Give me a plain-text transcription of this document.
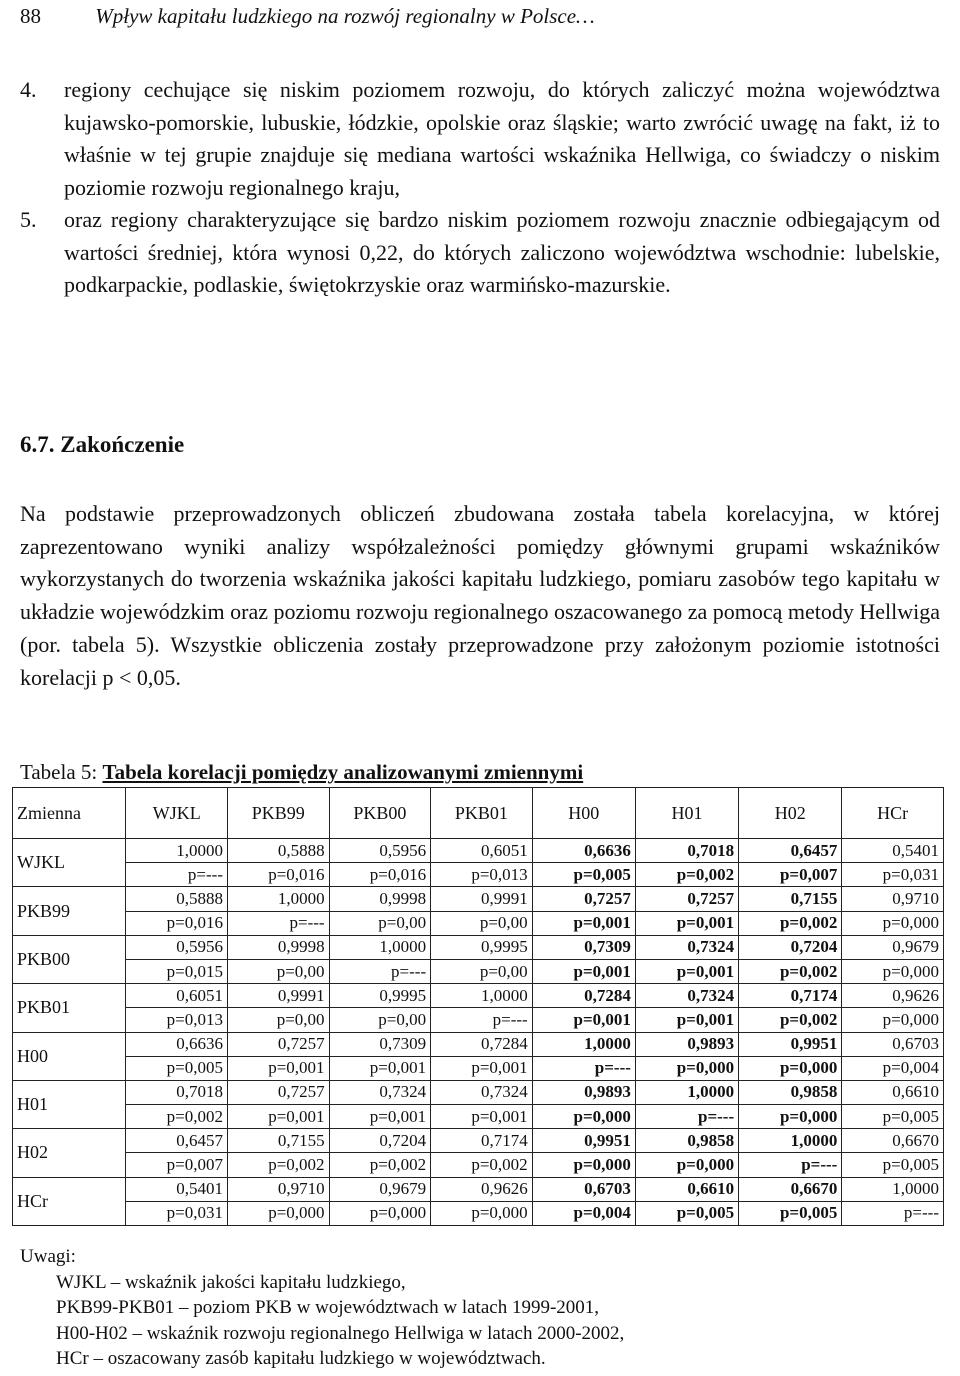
88	Wpływ kapitału ludzkiego na rozwój regionalny w Polsce…
4.	regiony cechujące się niskim poziomem rozwoju, do których zaliczyć można województwa kujawsko-pomorskie, lubuskie, łódzkie, opolskie oraz śląskie; warto zwrócić uwagę na fakt, iż to właśnie w tej grupie znajduje się mediana wartości wskaźnika Hellwiga, co świadczy o niskim poziomie rozwoju regionalnego kraju,
5.	oraz regiony charakteryzujące się bardzo niskim poziomem rozwoju znacznie odbiegającym od wartości średniej, która wynosi 0,22, do których zaliczono województwa wschodnie: lubelskie, podkarpackie, podlaskie, świętokrzyskie oraz warmińsko-mazurskie.
6.7. Zakończenie
Na podstawie przeprowadzonych obliczeń zbudowana została tabela korelacyjna, w której zaprezentowano wyniki analizy współzależności pomiędzy głównymi grupami wskaźników wykorzystanych do tworzenia wskaźnika jakości kapitału ludzkiego, pomiaru zasobów tego kapitału w układzie wojewódzkim oraz poziomu rozwoju regionalnego oszacowanego za pomocą metody Hellwiga (por. tabela 5). Wszystkie obliczenia zostały przeprowadzone przy założonym poziomie istotności korelacji p < 0,05.
Tabela 5: Tabela korelacji pomiędzy analizowanymi zmiennymi
Zmienna	WJKL	PKB99	PKB00	PKB01	H00	H01	H02	HCr
WJKL	1,0000	0,5888	0,5956	0,6051	0,6636	0,7018	0,6457	0,5401
	p=---	p=0,016	p=0,016	p=0,013	p=0,005	p=0,002	p=0,007	p=0,031
PKB99	0,5888	1,0000	0,9998	0,9991	0,7257	0,7257	0,7155	0,9710
	p=0,016	p=---	p=0,00	p=0,00	p=0,001	p=0,001	p=0,002	p=0,000
PKB00	0,5956	0,9998	1,0000	0,9995	0,7309	0,7324	0,7204	0,9679
	p=0,015	p=0,00	p=---	p=0,00	p=0,001	p=0,001	p=0,002	p=0,000
PKB01	0,6051	0,9991	0,9995	1,0000	0,7284	0,7324	0,7174	0,9626
	p=0,013	p=0,00	p=0,00	p=---	p=0,001	p=0,001	p=0,002	p=0,000
H00	0,6636	0,7257	0,7309	0,7284	1,0000	0,9893	0,9951	0,6703
	p=0,005	p=0,001	p=0,001	p=0,001	p=---	p=0,000	p=0,000	p=0,004
H01	0,7018	0,7257	0,7324	0,7324	0,9893	1,0000	0,9858	0,6610
	p=0,002	p=0,001	p=0,001	p=0,001	p=0,000	p=---	p=0,000	p=0,005
H02	0,6457	0,7155	0,7204	0,7174	0,9951	0,9858	1,0000	0,6670
	p=0,007	p=0,002	p=0,002	p=0,002	p=0,000	p=0,000	p=---	p=0,005
HCr	0,5401	0,9710	0,9679	0,9626	0,6703	0,6610	0,6670	1,0000
	p=0,031	p=0,000	p=0,000	p=0,000	p=0,004	p=0,005	p=0,005	p=---
Uwagi:
WJKL – wskaźnik jakości kapitału ludzkiego,
PKB99-PKB01 – poziom PKB w województwach w latach 1999-2001,
H00-H02 – wskaźnik rozwoju regionalnego Hellwiga w latach 2000-2002,
HCr – oszacowany zasób kapitału ludzkiego w województwach.
